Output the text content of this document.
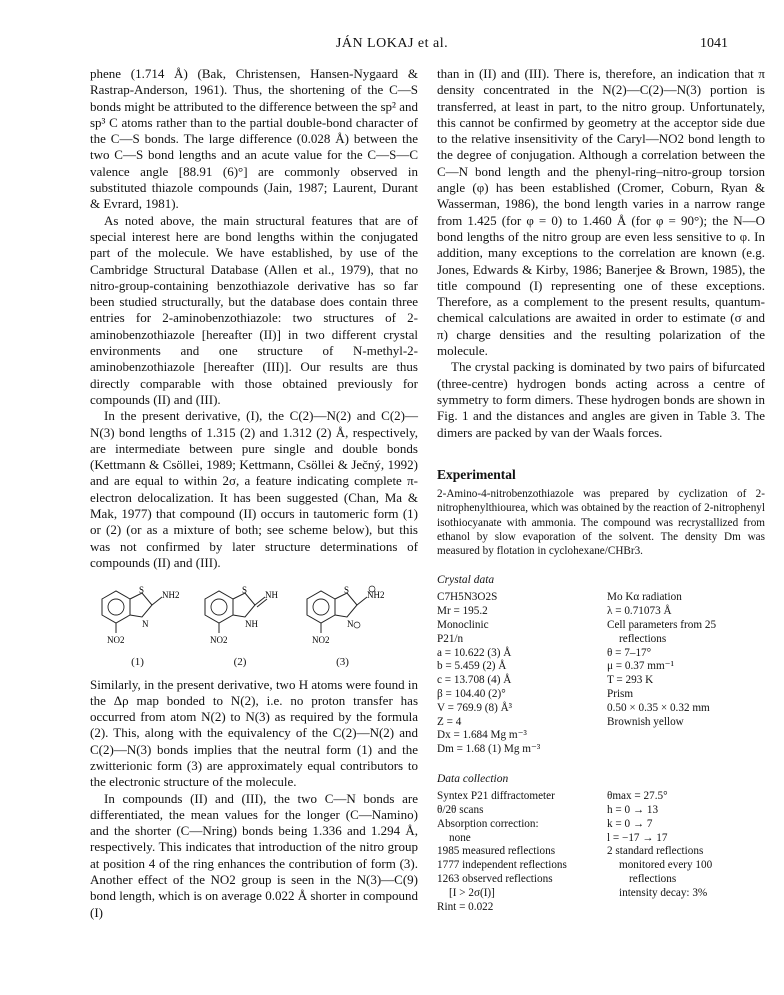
JÁN LOKAJ et al.	1041

phene (1.714 Å) (Bak, Christensen, Hansen-Nygaard & Rastrap-Anderson, 1961). Thus, the shortening of the C—S bonds might be attributed to the difference between the sp² and sp³ C atoms rather than to the partial double-bond character of the C—S bonds. The large difference (0.028 Å) between the two C—S bond lengths and an acute value for the C—S—C valence angle [88.91 (6)°] are commonly observed in substituted thiazole compounds (Jain, 1987; Laurent, Durant & Evrard, 1981).

As noted above, the main structural features that are of special interest here are bond lengths within the conjugated part of the molecule. We have established, by use of the Cambridge Structural Database (Allen et al., 1979), that no nitro-group-containing benzothiazole derivative has so far been studied structurally, but the database does contain three entries for 2-aminobenzothiazole: two structures of 2-aminobenzothiazole [hereafter (II)] in two different crystal environments and one structure of N-methyl-2-aminobenzothiazole [hereafter (III)]. Our results are thus directly comparable with those obtained previously for compounds (II) and (III).

In the present derivative, (I), the C(2)—N(2) and C(2)—N(3) bond lengths of 1.315 (2) and 1.312 (2) Å, respectively, are intermediate between pure single and double bonds (Kettmann & Csöllei, 1989; Kettmann, Csöllei & Ječný, 1992) and are equal to within 2σ, a feature indicating complete π-electron delocalization. It has been suggested (Chan, Ma & Mak, 1977) that compound (II) occurs in tautomeric form (1) or (2) (or as a mixture of both; see scheme below), but this was not confirmed by later structure determinations of compounds (II) and (III).

S
N
NH2
NO2
(1)
S
NH
NH
NO2
(2)
S
N
NH2
NO2
(3)

Similarly, in the present derivative, two H atoms were found in the Δρ map bonded to N(2), i.e. no proton transfer has occurred from atom N(2) to N(3) as required by the formula (2). This, along with the equivalency of the C(2)—N(2) and C(2)—N(3) bonds implies that the neutral form (1) and the zwitterionic form (3) are approximately equal contributors to the electronic structure of the molecule.

In compounds (II) and (III), the two C—N bonds are differentiated, the mean values for the longer (C—Namino) and the shorter (C—Nring) bonds being 1.336 and 1.294 Å, respectively. This indicates that introduction of the nitro group at position 4 of the ring enhances the contribution of form (3). Another effect of the NO2 group is seen in the N(3)—C(9) bond length, which is on average 0.022 Å shorter in compound (I)

than in (II) and (III). There is, therefore, an indication that π density concentrated in the N(2)—C(2)—N(3) portion is transferred, at least in part, to the nitro group. Unfortunately, this cannot be confirmed by geometry at the acceptor side due to the relative insensitivity of the Caryl—NO2 bond length to the degree of conjugation. Although a correlation between the C—N bond length and the phenyl-ring–nitro-group torsion angle (φ) has been established (Cromer, Coburn, Ryan & Wasserman, 1986), the bond length varies in a narrow range from 1.425 (for φ = 0) to 1.460 Å (for φ = 90°); the N—O bond lengths of the nitro group are even less sensitive to φ. In addition, many exceptions to the correlation are known (e.g. Jones, Edwards & Kirby, 1986; Banerjee & Brown, 1985), the title compound (I) representing one of these exceptions. Therefore, as a complement to the present results, quantum-chemical calculations are awaited in order to estimate (σ and π) charge densities and the resulting polarization of the molecule.

The crystal packing is dominated by two pairs of bifurcated (three-centre) hydrogen bonds acting across a centre of symmetry to form dimers. These hydrogen bonds are shown in Fig. 1 and the distances and angles are given in Table 3. The dimers are packed by van der Waals forces.

Experimental

2-Amino-4-nitrobenzothiazole was prepared by cyclization of 2-nitrophenylthiourea, which was obtained by the reaction of 2-nitrophenyl isothiocyanate with ammonia. The compound was recrystallized from ethanol by slow evaporation of the solvent. The density Dm was measured by flotation in cyclohexane/CHBr3.

Crystal data

C7H5N3O2S

Mr = 195.2

Monoclinic

P21/n

a = 10.622 (3) Å

b = 5.459 (2) Å

c = 13.708 (4) Å

β = 104.40 (2)°

V = 769.9 (8) Å³

Z = 4

Dx = 1.684 Mg m⁻³

Dm = 1.68 (1) Mg m⁻³

Mo Kα radiation

λ = 0.71073 Å

Cell parameters from 25

reflections

θ = 7–17°

μ = 0.37 mm⁻¹

T = 293 K

Prism

0.50 × 0.35 × 0.32 mm

Brownish yellow

Data collection

Syntex P21 diffractometer

θ/2θ scans

Absorption correction:

none

1985 measured reflections

1777 independent reflections

1263 observed reflections

[I > 2σ(I)]

Rint = 0.022

θmax = 27.5°

h = 0 → 13

k = 0 → 7

l = −17 → 17

2 standard reflections

monitored every 100

reflections

intensity decay: 3%
